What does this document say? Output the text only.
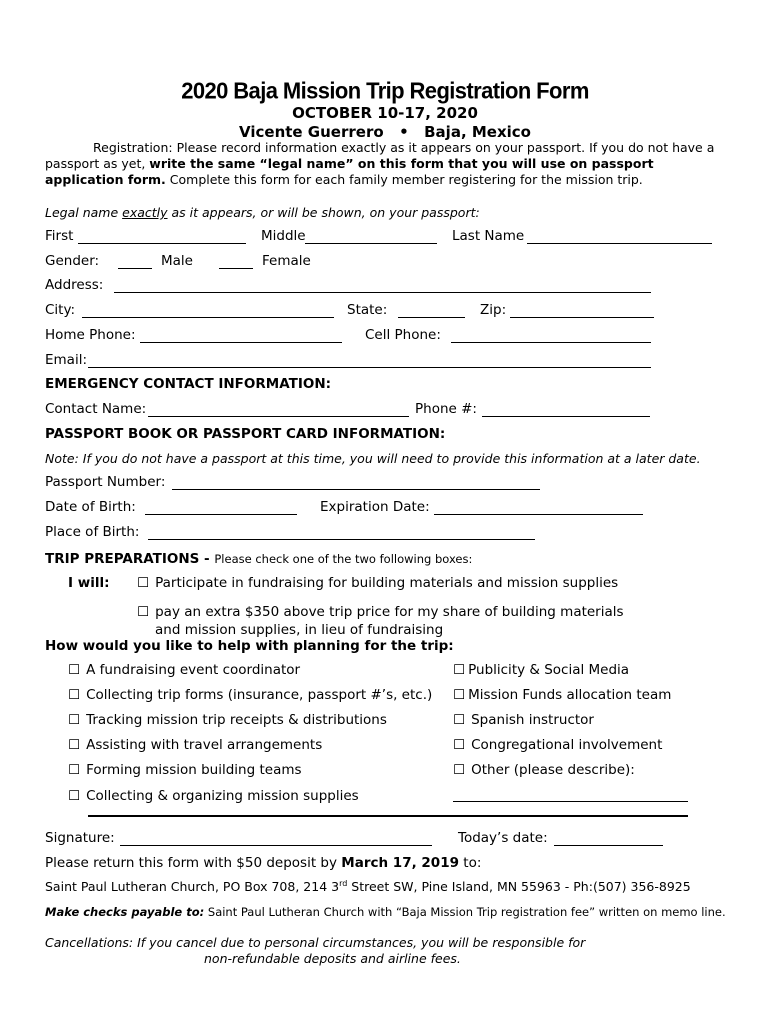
2020 Baja Mission Trip Registration Form
OCTOBER 10-17, 2020
Vicente Guerrero • Baja, Mexico
Registration: Please record information exactly as it appears on your passport. If you do not have a passport as yet, write the same “legal name” on this form that you will use on passport application form. Complete this form for each family member registering for the mission trip.
Legal name exactly as it appears, or will be shown, on your passport:
First	Middle	Last Name
Gender:	Male	Female
Address:
City:	State:	Zip:
Home Phone:	Cell Phone:
Email:
EMERGENCY CONTACT INFORMATION:
Contact Name:	Phone #:
PASSPORT BOOK OR PASSPORT CARD INFORMATION:
Note: If you do not have a passport at this time, you will need to provide this information at a later date.
Passport Number:
Date of Birth:	Expiration Date:
Place of Birth:
TRIP PREPARATIONS - Please check one of the two following boxes:
I will: ☐ Participate in fundraising for building materials and mission supplies
☐ pay an extra $350 above trip price for my share of building materials
and mission supplies, in lieu of fundraising
How would you like to help with planning for the trip:
☐ A fundraising event coordinator
☐ Collecting trip forms (insurance, passport #’s, etc.)
☐ Tracking mission trip receipts & distributions
☐ Assisting with travel arrangements
☐ Forming mission building teams
☐ Collecting & organizing mission supplies
☐ Publicity & Social Media
☐ Mission Funds allocation team
☐ Spanish instructor
☐ Congregational involvement
☐ Other (please describe):
Signature:	Today’s date:
Please return this form with $50 deposit by March 17, 2019 to:
Saint Paul Lutheran Church, PO Box 708, 214 3rd Street SW, Pine Island, MN 55963 - Ph:(507) 356-8925
Make checks payable to: Saint Paul Lutheran Church with “Baja Mission Trip registration fee” written on memo line.
Cancellations: If you cancel due to personal circumstances, you will be responsible for
non-refundable deposits and airline fees.
